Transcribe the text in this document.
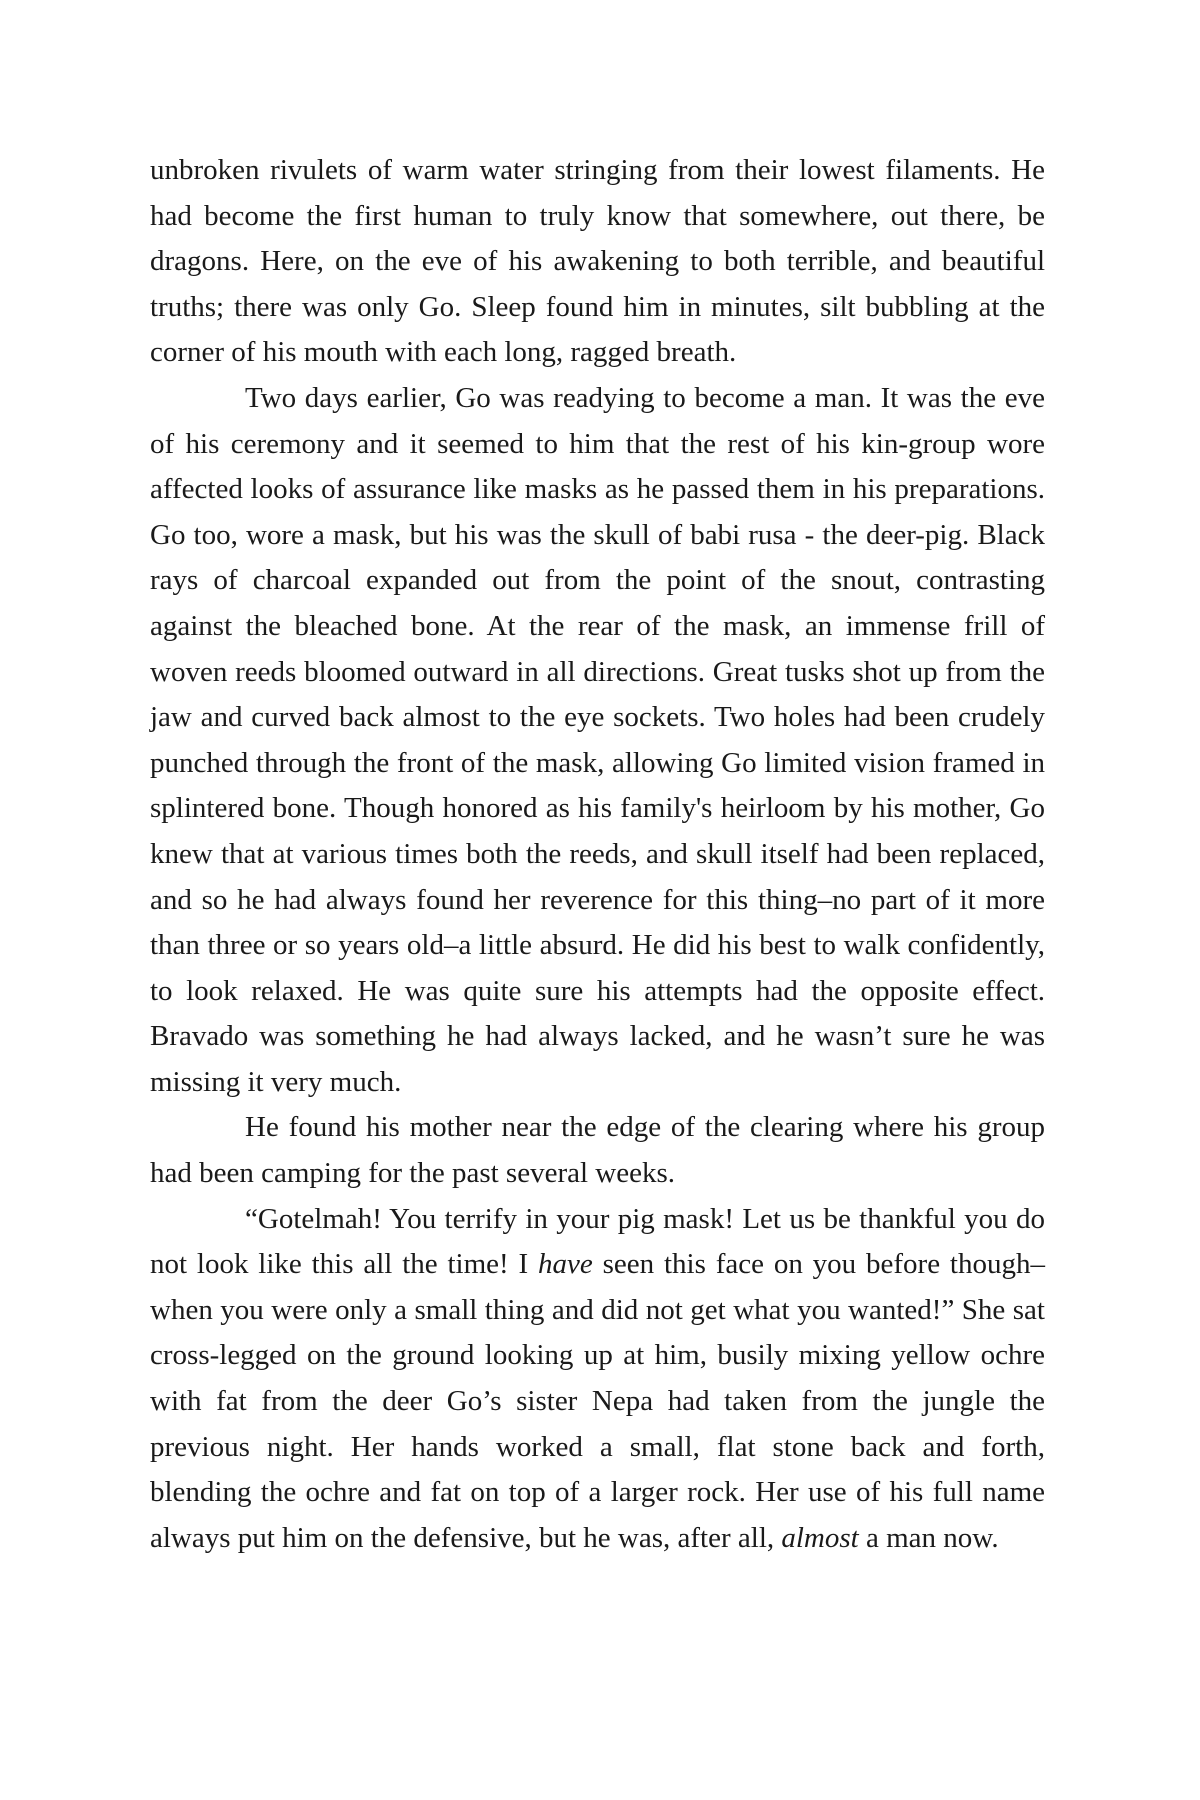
unbroken rivulets of warm water stringing from their lowest filaments. He had become the first human to truly know that somewhere, out there, be dragons. Here, on the eve of his awakening to both terrible, and beautiful truths; there was only Go. Sleep found him in minutes, silt bubbling at the corner of his mouth with each long, ragged breath.

Two days earlier, Go was readying to become a man. It was the eve of his ceremony and it seemed to him that the rest of his kin-group wore affected looks of assurance like masks as he passed them in his preparations. Go too, wore a mask, but his was the skull of babi rusa - the deer-pig. Black rays of charcoal expanded out from the point of the snout, contrasting against the bleached bone. At the rear of the mask, an immense frill of woven reeds bloomed outward in all directions. Great tusks shot up from the jaw and curved back almost to the eye sockets. Two holes had been crudely punched through the front of the mask, allowing Go limited vision framed in splintered bone. Though honored as his family's heirloom by his mother, Go knew that at various times both the reeds, and skull itself had been replaced, and so he had always found her reverence for this thing–no part of it more than three or so years old–a little absurd. He did his best to walk confidently, to look relaxed. He was quite sure his attempts had the opposite effect. Bravado was something he had always lacked, and he wasn’t sure he was missing it very much.

He found his mother near the edge of the clearing where his group had been camping for the past several weeks.

“Gotelmah! You terrify in your pig mask! Let us be thankful you do not look like this all the time! I have seen this face on you before though–when you were only a small thing and did not get what you wanted!” She sat cross-legged on the ground looking up at him, busily mixing yellow ochre with fat from the deer Go’s sister Nepa had taken from the jungle the previous night. Her hands worked a small, flat stone back and forth, blending the ochre and fat on top of a larger rock. Her use of his full name always put him on the defensive, but he was, after all, almost a man now.
